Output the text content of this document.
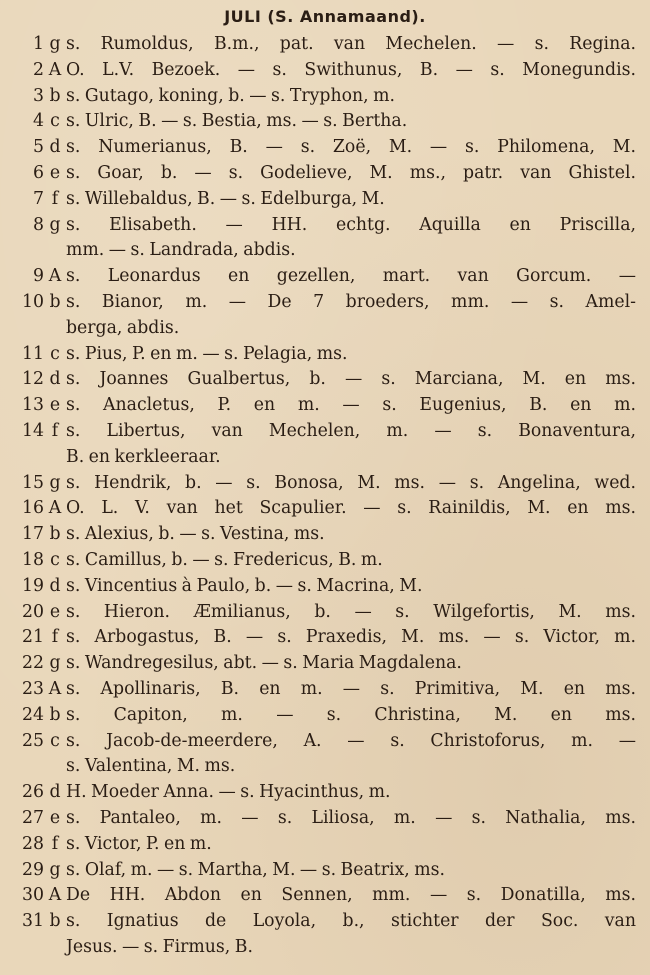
JULI (S. Annamaand).
1 g s. Rumoldus, B.m., pat. van Mechelen. — s. Regina.
2 A O. L.V. Bezoek. — s. Swithunus, B. — s. Monegundis.
3 b s. Gutago, koning, b. — s. Tryphon, m.
4 c s. Ulric, B. — s. Bestia, ms. — s. Bertha.
5 d s. Numerianus, B. — s. Zoë, M. — s. Philomena, M.
6 e s. Goar, b. — s. Godelieve, M. ms., patr. van Ghistel.
7 f s. Willebaldus, B. — s. Edelburga, M.
8 g s. Elisabeth. — HH. echtg. Aquilla en Priscilla,
mm. — s. Landrada, abdis.
9 A s. Leonardus en gezellen, mart. van Gorcum. —
10 b s. Bianor, m. — De 7 broeders, mm. — s. Amel-
berga, abdis.
11 c s. Pius, P. en m. — s. Pelagia, ms.
12 d s. Joannes Gualbertus, b. — s. Marciana, M. en ms.
13 e s. Anacletus, P. en m. — s. Eugenius, B. en m.
14 f s. Libertus, van Mechelen, m. — s. Bonaventura,
B. en kerkleeraar.
15 g s. Hendrik, b. — s. Bonosa, M. ms. — s. Angelina, wed.
16 A O. L. V. van het Scapulier. — s. Rainildis, M. en ms.
17 b s. Alexius, b. — s. Vestina, ms.
18 c s. Camillus, b. — s. Fredericus, B. m.
19 d s. Vincentius à Paulo, b. — s. Macrina, M.
20 e s. Hieron. Æmilianus, b. — s. Wilgefortis, M. ms.
21 f s. Arbogastus, B. — s. Praxedis, M. ms. — s. Victor, m.
22 g s. Wandregesilus, abt. — s. Maria Magdalena.
23 A s. Apollinaris, B. en m. — s. Primitiva, M. en ms.
24 b s. Capiton, m. — s. Christina, M. en ms.
25 c s. Jacob-de-meerdere, A. — s. Christoforus, m. —
s. Valentina, M. ms.
26 d H. Moeder Anna. — s. Hyacinthus, m.
27 e s. Pantaleo, m. — s. Liliosa, m. — s. Nathalia, ms.
28 f s. Victor, P. en m.
29 g s. Olaf, m. — s. Martha, M. — s. Beatrix, ms.
30 A De HH. Abdon en Sennen, mm. — s. Donatilla, ms.
31 b s. Ignatius de Loyola, b., stichter der Soc. van
Jesus. — s. Firmus, B.
